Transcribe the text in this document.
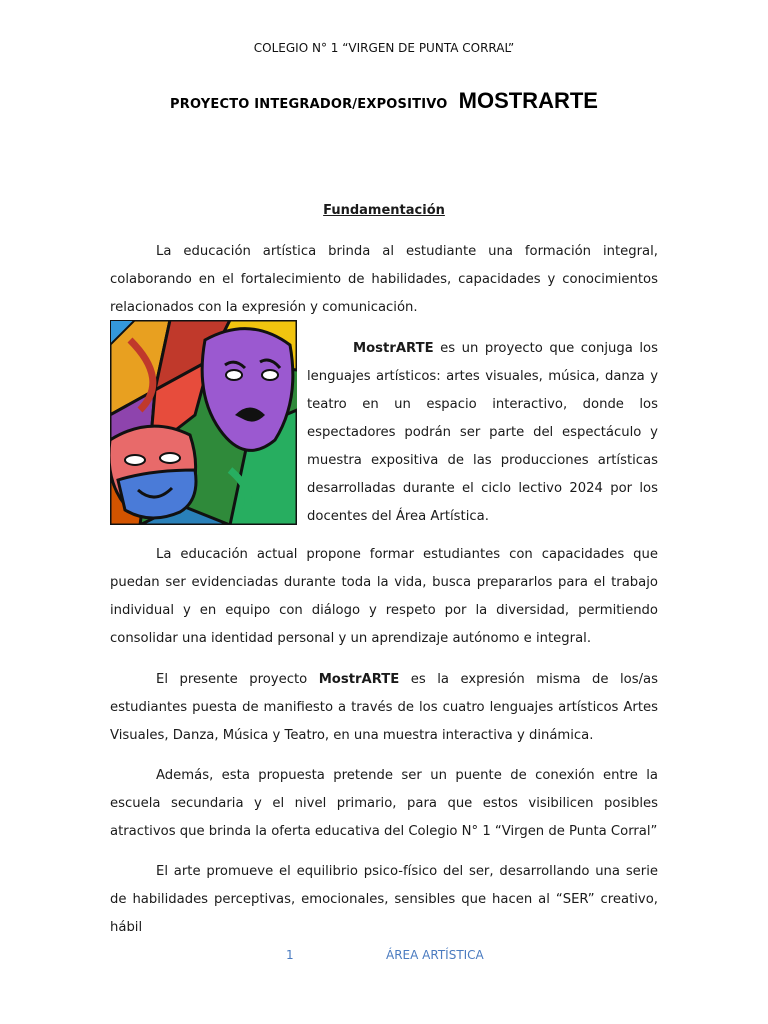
COLEGIO N° 1 “VIRGEN DE PUNTA CORRAL”
PROYECTO INTEGRADOR/EXPOSITIVO MOSTRARTE
Fundamentación

La educación artística brinda al estudiante una formación integral, colaborando en el fortalecimiento de habilidades, capacidades y conocimientos relacionados con la expresión y comunicación.

MostrARTE es un proyecto que conjuga los lenguajes artísticos: artes visuales, música, danza y teatro en un espacio interactivo, donde los espectadores podrán ser parte del espectáculo y muestra expositiva de las producciones artísticas desarrolladas durante el ciclo lectivo 2024 por los docentes del Área Artística.

La educación actual propone formar estudiantes con capacidades que puedan ser evidenciadas durante toda la vida, busca prepararlos para el trabajo individual y en equipo con diálogo y respeto por la diversidad, permitiendo consolidar una identidad personal y un aprendizaje autónomo e integral.

El presente proyecto MostrARTE es la expresión misma de los/as estudiantes puesta de manifiesto a través de los cuatro lenguajes artísticos Artes Visuales, Danza, Música y Teatro, en una muestra interactiva y dinámica.

Además, esta propuesta pretende ser un puente de conexión entre la escuela secundaria y el nivel primario, para que estos visibilicen posibles atractivos que brinda la oferta educativa del Colegio N° 1 “Virgen de Punta Corral”

El arte promueve el equilibrio psico-físico del ser, desarrollando una serie de habilidades perceptivas, emocionales, sensibles que hacen al “SER” creativo, hábil

1	ÁREA ARTÍSTICA
